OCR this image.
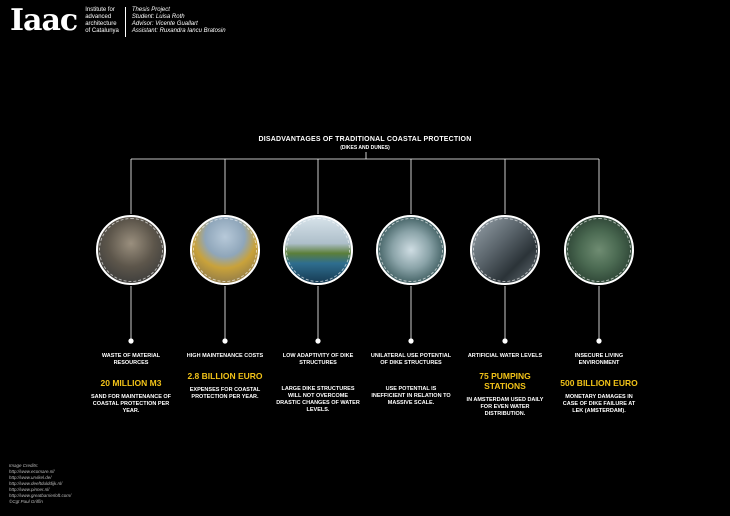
Iaac Institute for
advanced
architecture
of Catalunya
Thesis Project
Student: Luisa Roth
Advisor: Vicente Guallart
Assistant: Ruxandra Iancu Bratosin
DISADVANTAGES OF TRADITIONAL COASTAL PROTECTION
(DIKES AND DUNES)
WASTE OF MATERIAL RESOURCES
20 MILLION M3
SAND FOR MAINTENANCE OF COASTAL PROTECTION PER YEAR.
HIGH MAINTENANCE COSTS
2.8 BILLION EURO
EXPENSES FOR COASTAL PROTECTION PER YEAR.
LOW ADAPTIVITY OF DIKE STRUCTURES
LARGE DIKE STRUCTURES WILL NOT OVERCOME DRASTIC CHANGES OF WATER LEVELS.
UNILATERAL USE POTENTIAL OF DIKE STRUCTURES
USE POTENTIAL IS INEFFICIENT IN RELATION TO MASSIVE SCALE.
ARTIFICIAL WATER LEVELS
75 PUMPING STATIONS
IN AMSTERDAM USED DAILY FOR EVEN WATER DISTRIBUTION.
INSECURE LIVING ENVIRONMENT
500 BILLION EURO
MONETARY DAMAGES IN CASE OF DIKE FAILURE AT LEK (AMSTERDAM).
Image Credits:
http://www.ecomare.nl/
http://www.urvikel.de/
http://www.deeftdulddijk.nl/
http://www.pinner.nl/
http://www.greatbarrierloft.com/
©Cgt Paul Griffin
